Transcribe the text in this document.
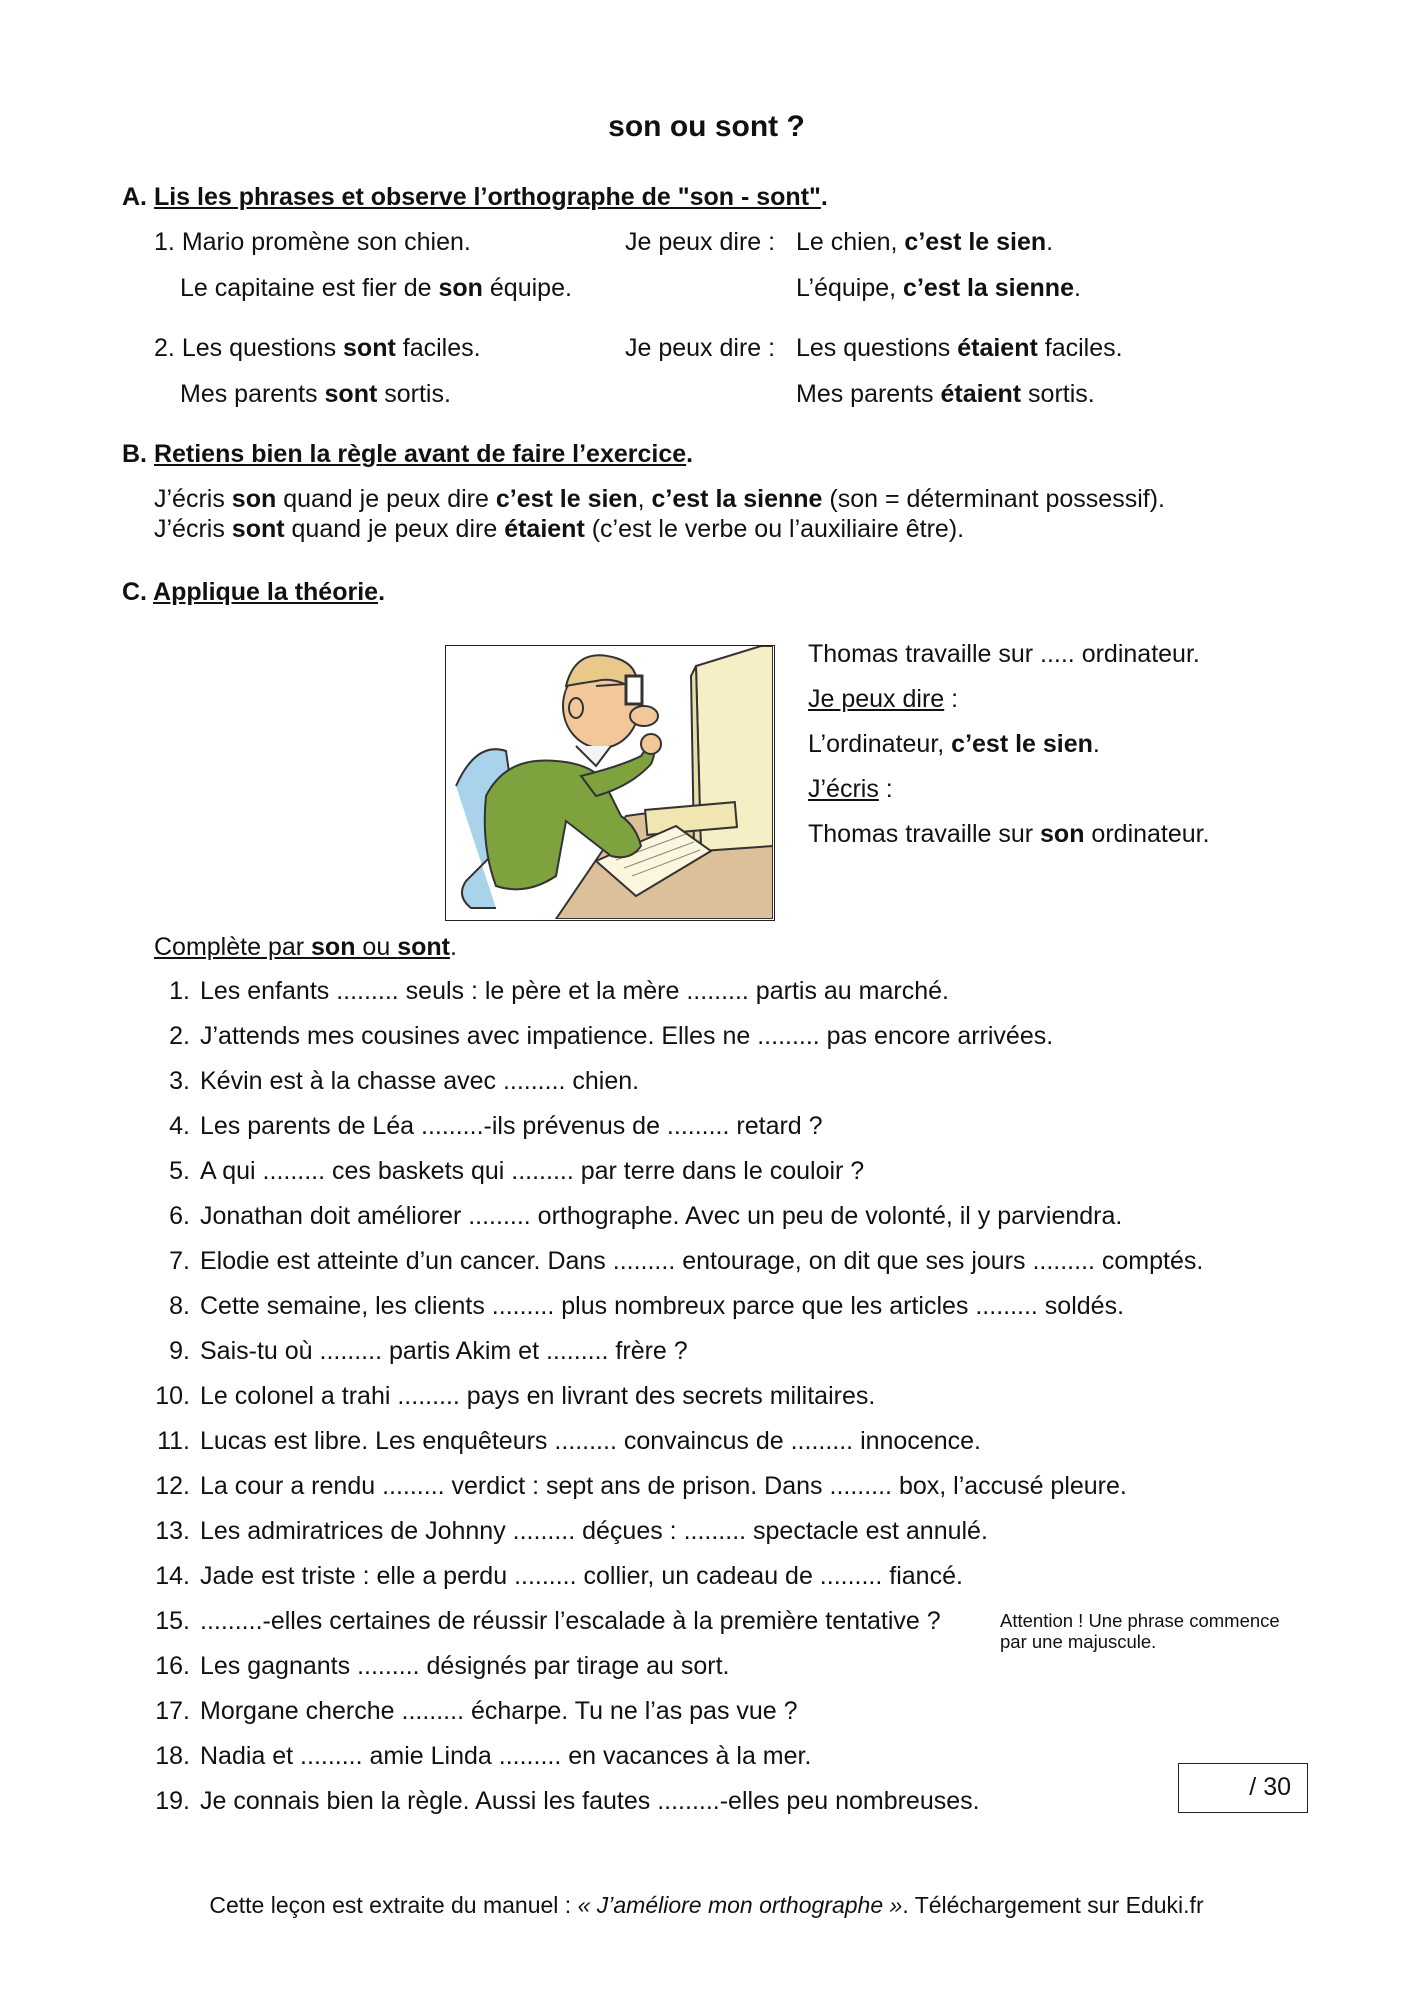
son ou sont ?
A. Lis les phrases et observe l’orthographe de "son - sont".
1. Mario promène son chien.	Je peux dire : Le chien, c’est le sien.
Le capitaine est fier de son équipe.	L’équipe, c’est la sienne.
2. Les questions sont faciles.	Je peux dire : Les questions étaient faciles.
Mes parents sont sortis.	Mes parents étaient sortis.
B. Retiens bien la règle avant de faire l’exercice.
J’écris son quand je peux dire c’est le sien, c’est la sienne (son = déterminant possessif).
J’écris sont quand je peux dire étaient (c’est le verbe ou l’auxiliaire être).
C. Applique la théorie.
Thomas travaille sur ..... ordinateur.
Je peux dire :
L’ordinateur, c’est le sien.
J’écris :
Thomas travaille sur son ordinateur.
Complète par son ou sont.
1. Les enfants ......... seuls : le père et la mère ......... partis au marché.
2. J’attends mes cousines avec impatience. Elles ne ......... pas encore arrivées.
3. Kévin est à la chasse avec ......... chien.
4. Les parents de Léa .........-ils prévenus de ......... retard ?
5. A qui ......... ces baskets qui ......... par terre dans le couloir ?
6. Jonathan doit améliorer ......... orthographe. Avec un peu de volonté, il y parviendra.
7. Elodie est atteinte d’un cancer. Dans ......... entourage, on dit que ses jours ......... comptés.
8. Cette semaine, les clients ......... plus nombreux parce que les articles ......... soldés.
9. Sais-tu où ......... partis Akim et ......... frère ?
10. Le colonel a trahi ......... pays en livrant des secrets militaires.
11. Lucas est libre. Les enquêteurs ......... convaincus de ......... innocence.
12. La cour a rendu ......... verdict : sept ans de prison. Dans ......... box, l’accusé pleure.
13. Les admiratrices de Johnny ......... déçues : ......... spectacle est annulé.
14. Jade est triste : elle a perdu ......... collier, un cadeau de ......... fiancé.
15. .........-elles certaines de réussir l’escalade à la première tentative ?
16. Les gagnants ......... désignés par tirage au sort.
17. Morgane cherche ......... écharpe. Tu ne l’as pas vue ?
18. Nadia et ......... amie Linda ......... en vacances à la mer.
19. Je connais bien la règle. Aussi les fautes .........-elles peu nombreuses.
Attention ! Une phrase commence par une majuscule.
/ 30
Cette leçon est extraite du manuel : « J’améliore mon orthographe ». Téléchargement sur Eduki.fr
